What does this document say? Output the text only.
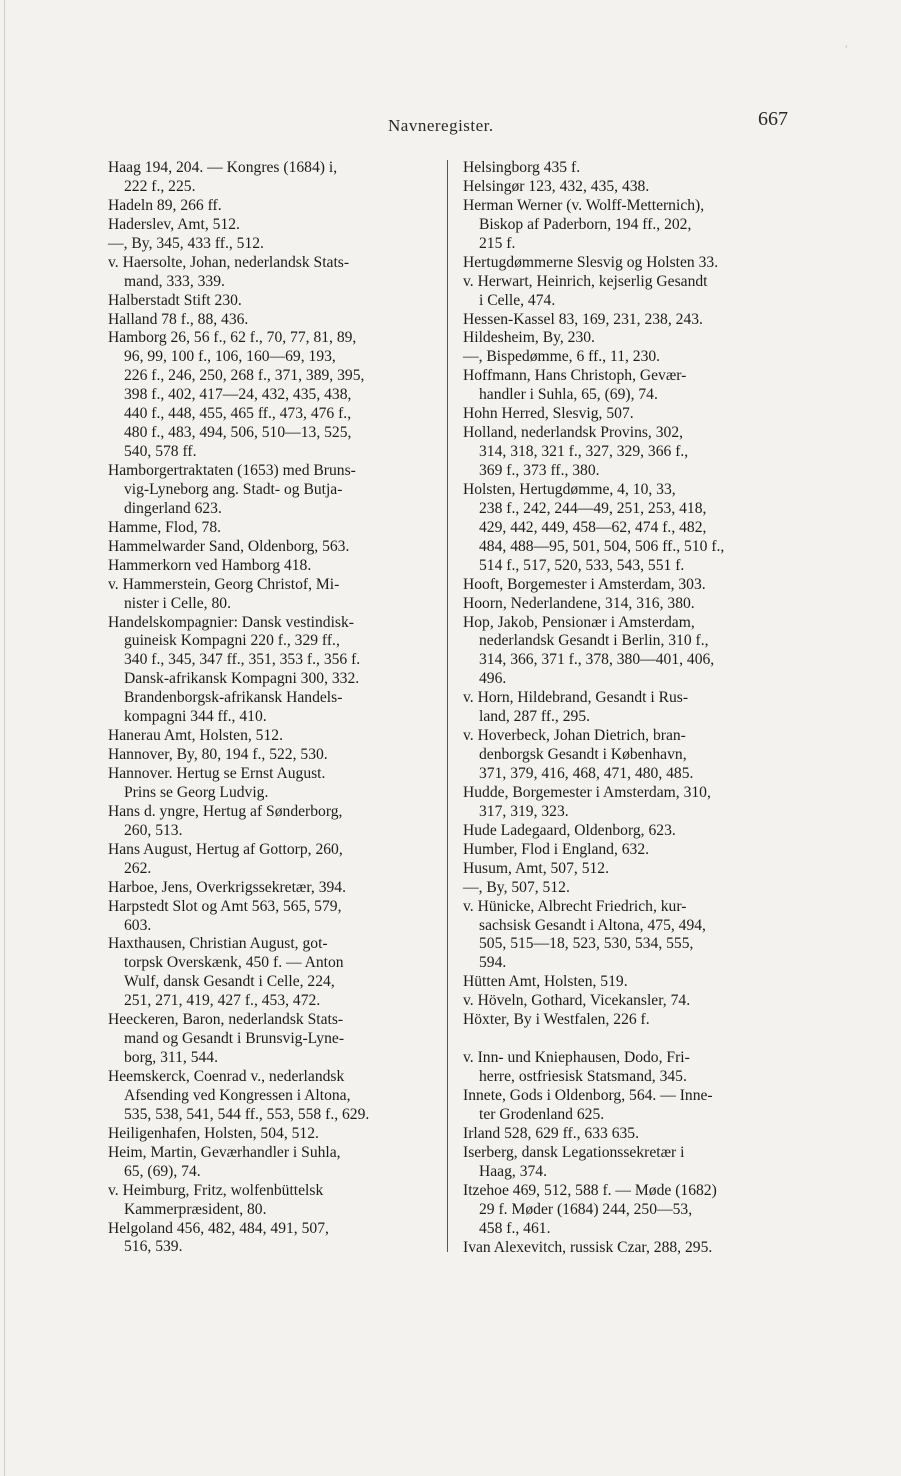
′
Navneregister.	667
Haag 194, 204. — Kongres (1684) i,
222 f., 225.
Hadeln 89, 266 ff.
Haderslev, Amt, 512.
—, By, 345, 433 ff., 512.
v. Haersolte, Johan, nederlandsk Stats-
mand, 333, 339.
Halberstadt Stift 230.
Halland 78 f., 88, 436.
Hamborg 26, 56 f., 62 f., 70, 77, 81, 89,
96, 99, 100 f., 106, 160—69, 193,
226 f., 246, 250, 268 f., 371, 389, 395,
398 f., 402, 417—24, 432, 435, 438,
440 f., 448, 455, 465 ff., 473, 476 f.,
480 f., 483, 494, 506, 510—13, 525,
540, 578 ff.
Hamborgertraktaten (1653) med Bruns-
vig-Lyneborg ang. Stadt- og Butja-
dingerland 623.
Hamme, Flod, 78.
Hammelwarder Sand, Oldenborg, 563.
Hammerkorn ved Hamborg 418.
v. Hammerstein, Georg Christof, Mi-
nister i Celle, 80.
Handelskompagnier: Dansk vestindisk-
guineisk Kompagni 220 f., 329 ff.,
340 f., 345, 347 ff., 351, 353 f., 356 f.
Dansk-afrikansk Kompagni 300, 332.
Brandenborgsk-afrikansk Handels-
kompagni 344 ff., 410.
Hanerau Amt, Holsten, 512.
Hannover, By, 80, 194 f., 522, 530.
Hannover. Hertug se Ernst August.
Prins se Georg Ludvig.
Hans d. yngre, Hertug af Sønderborg,
260, 513.
Hans August, Hertug af Gottorp, 260,
262.
Harboe, Jens, Overkrigssekretær, 394.
Harpstedt Slot og Amt 563, 565, 579,
603.
Haxthausen, Christian August, got-
torpsk Overskænk, 450 f. — Anton
Wulf, dansk Gesandt i Celle, 224,
251, 271, 419, 427 f., 453, 472.
Heeckeren, Baron, nederlandsk Stats-
mand og Gesandt i Brunsvig-Lyne-
borg, 311, 544.
Heemskerck, Coenrad v., nederlandsk
Afsending ved Kongressen i Altona,
535, 538, 541, 544 ff., 553, 558 f., 629.
Heiligenhafen, Holsten, 504, 512.
Heim, Martin, Geværhandler i Suhla,
65, (69), 74.
v. Heimburg, Fritz, wolfenbüttelsk
Kammerpræsident, 80.
Helgoland 456, 482, 484, 491, 507,
516, 539.
Helsingborg 435 f.
Helsingør 123, 432, 435, 438.
Herman Werner (v. Wolff-Metternich),
Biskop af Paderborn, 194 ff., 202,
215 f.
Hertugdømmerne Slesvig og Holsten 33.
v. Herwart, Heinrich, kejserlig Gesandt
i Celle, 474.
Hessen-Kassel 83, 169, 231, 238, 243.
Hildesheim, By, 230.
—, Bispedømme, 6 ff., 11, 230.
Hoffmann, Hans Christoph, Gevær-
handler i Suhla, 65, (69), 74.
Hohn Herred, Slesvig, 507.
Holland, nederlandsk Provins, 302,
314, 318, 321 f., 327, 329, 366 f.,
369 f., 373 ff., 380.
Holsten, Hertugdømme, 4, 10, 33,
238 f., 242, 244—49, 251, 253, 418,
429, 442, 449, 458—62, 474 f., 482,
484, 488—95, 501, 504, 506 ff., 510 f.,
514 f., 517, 520, 533, 543, 551 f.
Hooft, Borgemester i Amsterdam, 303.
Hoorn, Nederlandene, 314, 316, 380.
Hop, Jakob, Pensionær i Amsterdam,
nederlandsk Gesandt i Berlin, 310 f.,
314, 366, 371 f., 378, 380—401, 406,
496.
v. Horn, Hildebrand, Gesandt i Rus-
land, 287 ff., 295.
v. Hoverbeck, Johan Dietrich, bran-
denborgsk Gesandt i København,
371, 379, 416, 468, 471, 480, 485.
Hudde, Borgemester i Amsterdam, 310,
317, 319, 323.
Hude Ladegaard, Oldenborg, 623.
Humber, Flod i England, 632.
Husum, Amt, 507, 512.
—, By, 507, 512.
v. Hünicke, Albrecht Friedrich, kur-
sachsisk Gesandt i Altona, 475, 494,
505, 515—18, 523, 530, 534, 555,
594.
Hütten Amt, Holsten, 519.
v. Höveln, Gothard, Vicekansler, 74.
Höxter, By i Westfalen, 226 f.
v. Inn- und Kniephausen, Dodo, Fri-
herre, ostfriesisk Statsmand, 345.
Innete, Gods i Oldenborg, 564. — Inne-
ter Grodenland 625.
Irland 528, 629 ff., 633 635.
Iserberg, dansk Legationssekretær i
Haag, 374.
Itzehoe 469, 512, 588 f. — Møde (1682)
29 f. Møder (1684) 244, 250—53,
458 f., 461.
Ivan Alexevitch, russisk Czar, 288, 295.
